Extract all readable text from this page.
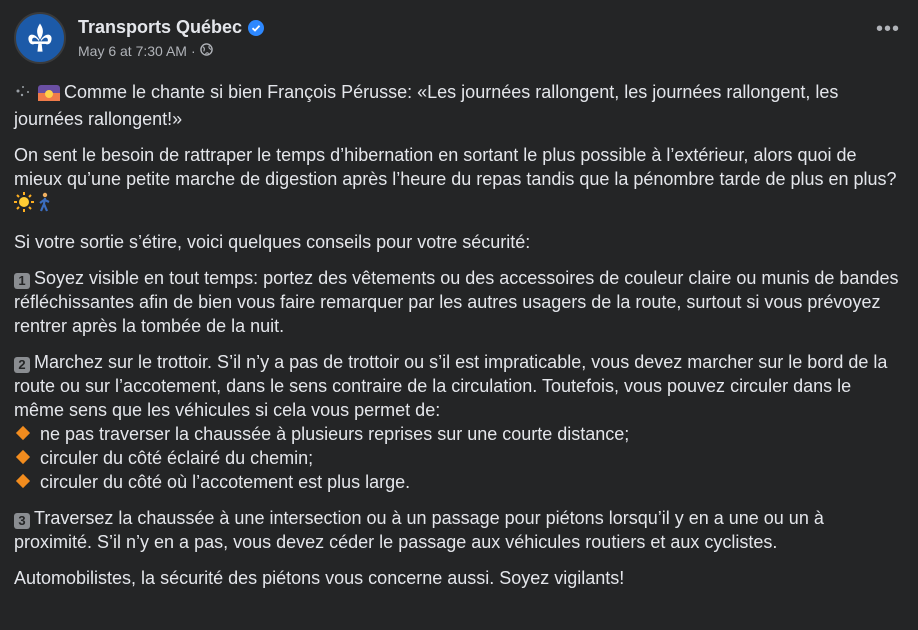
Transports Québec
May 6 at 7:30 AM ·
•••

Comme le chante si bien François Pérusse: «Les journées rallongent, les journées rallongent, les journées rallongent!»

On sent le besoin de rattraper le temps d’hibernation en sortant le plus possible à l’extérieur, alors quoi de mieux qu’une petite marche de digestion après l’heure du repas tandis que la pénombre tarde de plus en plus?

Si votre sortie s’étire, voici quelques conseils pour votre sécurité:

1 Soyez visible en tout temps: portez des vêtements ou des accessoires de couleur claire ou munis de bandes réfléchissantes afin de bien vous faire remarquer par les autres usagers de la route, surtout si vous prévoyez rentrer après la tombée de la nuit.

2 Marchez sur le trottoir. S’il n’y a pas de trottoir ou s’il est impraticable, vous devez marcher sur le bord de la route ou sur l’accotement, dans le sens contraire de la circulation. Toutefois, vous pouvez circuler dans le même sens que les véhicules si cela vous permet de:
ne pas traverser la chaussée à plusieurs reprises sur une courte distance;
circuler du côté éclairé du chemin;
circuler du côté où l’accotement est plus large.

3 Traversez la chaussée à une intersection ou à un passage pour piétons lorsqu’il y en a une ou un à proximité. S’il n’y en a pas, vous devez céder le passage aux véhicules routiers et aux cyclistes.

Automobilistes, la sécurité des piétons vous concerne aussi. Soyez vigilants!
